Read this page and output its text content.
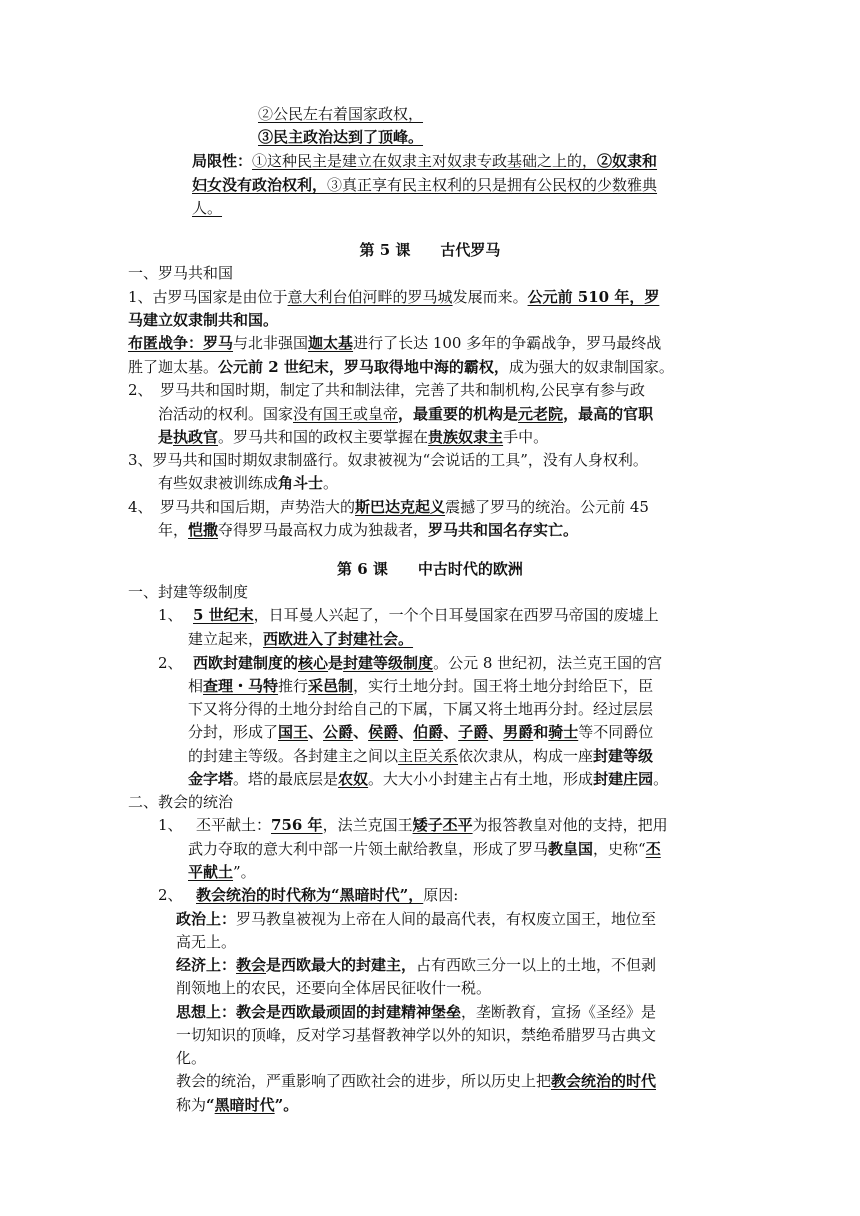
②公民左右着国家政权，
③民主政治达到了顶峰。
局限性：①这种民主是建立在奴隶主对奴隶专政基础之上的，②奴隶和
妇女没有政治权利，③真正享有民主权利的只是拥有公民权的少数雅典
人。
第 5 课　　古代罗马
一、罗马共和国
1、古罗马国家是由位于意大利台伯河畔的罗马城发展而来。公元前 510 年，罗
马建立奴隶制共和国。
布匿战争：罗马与北非强国迦太基进行了长达 100 多年的争霸战争，罗马最终战
胜了迦太基。公元前 2 世纪末，罗马取得地中海的霸权，成为强大的奴隶制国家。
2、　罗马共和国时期，制定了共和制法律，完善了共和制机构,公民享有参与政
治活动的权利。国家没有国王或皇帝，最重要的机构是元老院，最高的官职
是执政官。罗马共和国的政权主要掌握在贵族奴隶主手中。
3、罗马共和国时期奴隶制盛行。奴隶被视为“会说话的工具”，没有人身权利。
有些奴隶被训练成角斗士。
4、　罗马共和国后期，声势浩大的斯巴达克起义震撼了罗马的统治。公元前 45
年，恺撒夺得罗马最高权力成为独裁者，罗马共和国名存实亡。
第 6 课　　中古时代的欧洲
一、封建等级制度
1、 5 世纪末，日耳曼人兴起了，一个个日耳曼国家在西罗马帝国的废墟上
建立起来，西欧进入了封建社会。
2、 西欧封建制度的核心是封建等级制度。公元 8 世纪初，法兰克王国的宫
相查理・马特推行采邑制，实行土地分封。国王将土地分封给臣下，臣
下又将分得的土地分封给自己的下属，下属又将土地再分封。经过层层
分封，形成了国王、公爵、侯爵、伯爵、子爵、男爵和骑士等不同爵位
的封建主等级。各封建主之间以主臣关系依次隶从，构成一座封建等级
金字塔。塔的最底层是农奴。大大小小封建主占有土地，形成封建庄园。
二、教会的统治
1、 丕平献土：756 年，法兰克国王矮子丕平为报答教皇对他的支持，把用
武力夺取的意大利中部一片领土献给教皇，形成了罗马教皇国，史称“丕
平献土”。
2、 教会统治的时代称为“黑暗时代”，原因:
政治上：罗马教皇被视为上帝在人间的最高代表，有权废立国王，地位至
高无上。
经济上：教会是西欧最大的封建主，占有西欧三分一以上的土地，不但剥
削领地上的农民，还要向全体居民征收什一税。
思想上：教会是西欧最顽固的封建精神堡垒，垄断教育，宣扬《圣经》是
一切知识的顶峰，反对学习基督教神学以外的知识，禁绝希腊罗马古典文
化。
教会的统治，严重影响了西欧社会的进步，所以历史上把教会统治的时代
称为“黑暗时代”。
